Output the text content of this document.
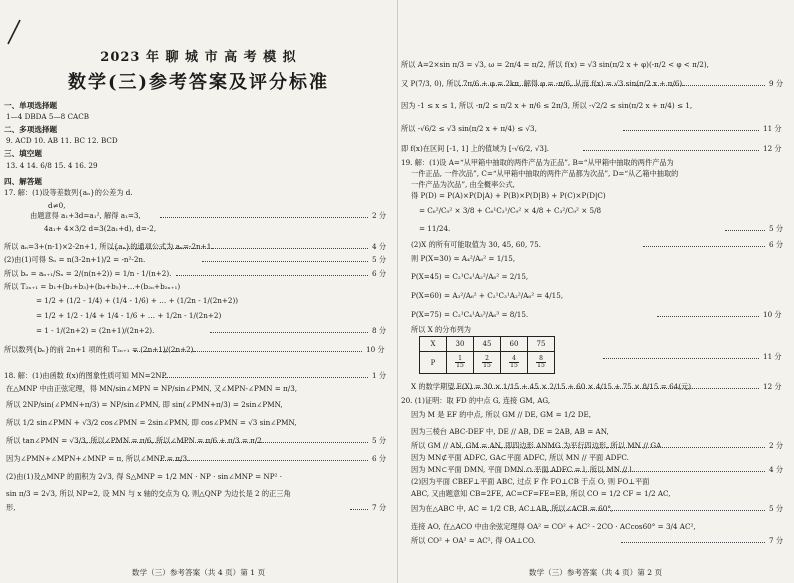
2023 年 聊 城 市 高 考 模 拟
数学(三)参考答案及评分标准
一、单项选择题
1—4 DBDA 5—8 CACB
二、多项选择题
9. ACD 10. AB 11. BC 12. BCD
三、填空题
13. 4 14. 6/8 15. 4 16. 29
四、解答题
17. 解：(1)设等差数列{aₙ}的公差为 d.
d≠0,
由题意得 a₁+3d=a₁², 解得 a₁=3,
4a₁+ 4×3/2 d=3(2a₁+d), d=-2,
所以 aₙ=3+(n-1)×2-2n+1, 所以{aₙ}的通项公式为 aₙ=-2n+1.
(2)由(1)可得 Sₙ = n(3-2n+1)/2 = -n²-2n.
所以 bₙ = aₙ₊₁/Sₙ = 2/(n(n+2)) = 1/n - 1/(n+2).
所以 T₂ₙ₊₁ = b₁+(b₂+b₃)+(b₄+b₅)+…+(b₂ₙ+b₂ₙ₊₁)
= 1/2 + (1/2 - 1/4) + (1/4 - 1/6) + … + (1/2n - 1/(2n+2))
= 1/2 + 1/2 - 1/4 + 1/4 - 1/6 + … + 1/2n - 1/(2n+2)
= 1 - 1/(2n+2) = (2n+1)/(2n+2).
所以数列{bₙ}的前 2n+1 项的和 T₂ₙ₊₁ = (2n+1)/(2n+2).
18. 解：(1)由函数 f(x)的图象性质可知 MN=2NP.
在△MNP 中由正弦定理，得 MN/sin∠MPN = NP/sin∠PMN, 又∠MPN-∠PMN = π/3,
所以 2NP/sin(∠PMN+π/3) = NP/sin∠PMN, 即 sin(∠PMN+π/3) = 2sin∠PMN,
所以 1/2 sin∠PMN + √3/2 cos∠PMN = 2sin∠PMN, 即 cos∠PMN = √3 sin∠PMN,
所以 tan∠PMN = √3/3, 所以∠PMN = π/6, 所以∠MPN = π/6 + π/3 = π/2.
因为∠PMN+∠MPN+∠MNP = π, 所以∠MNP = π/3.
(2)由(1)及△MNP 的面积为 2√3, 得 S△MNP = 1/2 MN · NP · sin∠MNP = NP² ·
sin π/3 = 2√3, 所以 NP=2, 设 MN 与 x 轴的交点为 Q, 则△QNP 为边长是 2 的正三角
形,
4 分
5 分
6 分
8 分
10 分
1 分
5 分
6 分
7 分
2 分
数学（三）参考答案（共 4 页）第 1 页
所以 A=2×sin π/3 = √3, ω = 2π/4 = π/2, 所以 f(x) = √3 sin(π/2 x + φ)(-π/2 < φ < π/2),
又 P(7/3, 0), 所以 7π/6 + φ = 2kπ, 解得 φ = -π/6, 从而 f(x) = √3 sin(π/2 x + π/6).
因为 -1 ≤ x ≤ 1, 所以 -π/2 ≤ π/2 x + π/6 ≤ 2π/3, 所以 -√2/2 ≤ sin(π/2 x + π/4) ≤ 1,
所以 -√6/2 ≤ √3 sin(π/2 x + π/4) ≤ √3,
即 f(x)在区间 [-1, 1] 上的值域为 [-√6/2, √3].
19. 解：(1)设 A=“从甲箱中抽取的两件产品为正品”, B=“从甲箱中抽取的两件产品为
一件正品, 一件次品”, C=“从甲箱中抽取的两件产品都为次品”, D=“从乙箱中抽取的
一件产品为次品”, 由全概率公式,
得 P(D) = P(A)×P(D|A) + P(B)×P(D|B) + P(C)×P(D|C)
= C₆²/C₉² × 3/8 + C₆¹C₃¹/C₉² × 4/8 + C₃²/C₉² × 5/8
= 11/24.
(2)X 的所有可能取值为 30, 45, 60, 75.
则 P(X=30) = A₄²/A₆² = 1/15,
P(X=45) = C₂¹C₄¹A₂²/A₆² = 2/15,
P(X=60) = A₃²/A₆² + C₂¹C₃¹A₂²/A₆² = 4/15,
P(X=75) = C₂¹C₄¹A₃³/A₆³ = 8/15.
所以 X 的分布列为
X 的数学期望 E(X) = 30 × 1/15 + 45 × 2/15 + 60 × 4/15 + 75 × 8/15 = 64(元).
20. (1)证明：取 FD 的中点 G, 连接 GM, AG,
因为 M 是 EF 的中点, 所以 GM // DE, GM = 1/2 DE,
因为三棱台 ABC-DEF 中, DE // AB, DE = 2AB, AB = AN,
所以 GM // AN, GM = AN, 即四边形 ANMG 为平行四边形, 所以 MN // GA.
因为 MN⊄平面 ADFC, GA⊂平面 ADFC, 所以 MN // 平面 ADFC.
因为 MN⊂平面 DMN, 平面 DMN ∩ 平面 ADFC = l, 所以 MN // l.
(2)因为平面 CBEF⊥平面 ABC, 过点 F 作 FO⊥CB 于点 O, 则 FO⊥平面
ABC, 又由题意知 CB=2FE, AC=CF=FE=EB, 所以 CO = 1/2 CF = 1/2 AC,
因为在△ABC 中, AC = 1/2 CB, AC⊥AB, 所以∠ACB = 60°,
连接 AO, 在△ACO 中由余弦定理得 OA² = CO² + AC² - 2CO · ACcos60° = 3/4 AC²,
所以 CO² + OA² = AC², 得 OA⊥CO.
9 分
11 分
12 分
5 分
6 分
10 分
11 分
12 分
2 分
4 分
5 分
7 分
X	30	45	60	75
P	$\frac{1}{15}$	$\frac{2}{15}$	$\frac{4}{15}$	$\frac{8}{15}$
数学（三）参考答案（共 4 页）第 2 页
